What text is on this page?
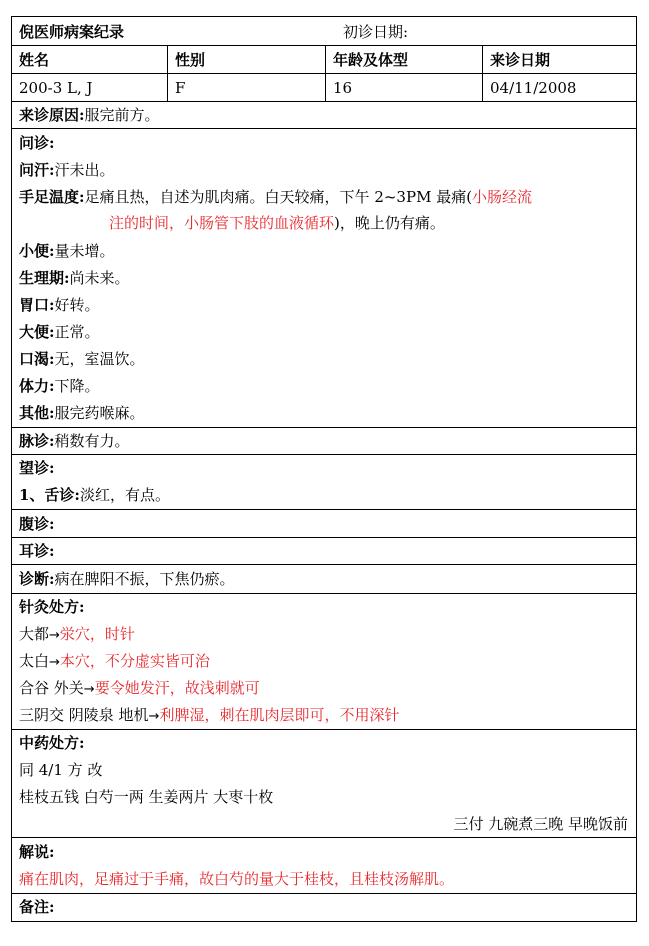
倪医师病案纪录	初诊日期:
姓名	性别	年龄及体型	来诊日期
200-3 L, J	F	16	04/11/2008
来诊原因:服完前方。
问诊:
问汗:汗未出。
手足温度:足痛且热，自述为肌肉痛。白天较痛，下午 2~3PM 最痛(小肠经流
注的时间，小肠管下肢的血液循环)，晚上仍有痛。
小便:量未增。
生理期:尚未来。
胃口:好转。
大便:正常。
口渴:无，室温饮。
体力:下降。
其他:服完药喉麻。
脉诊:稍数有力。
望诊:
1、舌诊:淡红，有点。
腹诊:
耳诊:
诊断:病在脾阳不振，下焦仍瘀。
针灸处方:
大都→泶穴，时针
太白→本穴，不分虚实皆可治
合谷 外关→要令她发汗，故浅刺就可
三阴交 阴陵泉 地机→利脾湿，刺在肌肉层即可，不用深针
中药处方:
同 4/1 方 改
桂枝五钱 白芍一两 生姜两片 大枣十枚
三付 九碗煮三晚 早晚饭前
解说:
痛在肌肉，足痛过于手痛，故白芍的量大于桂枝，且桂枝汤解肌。
备注:
